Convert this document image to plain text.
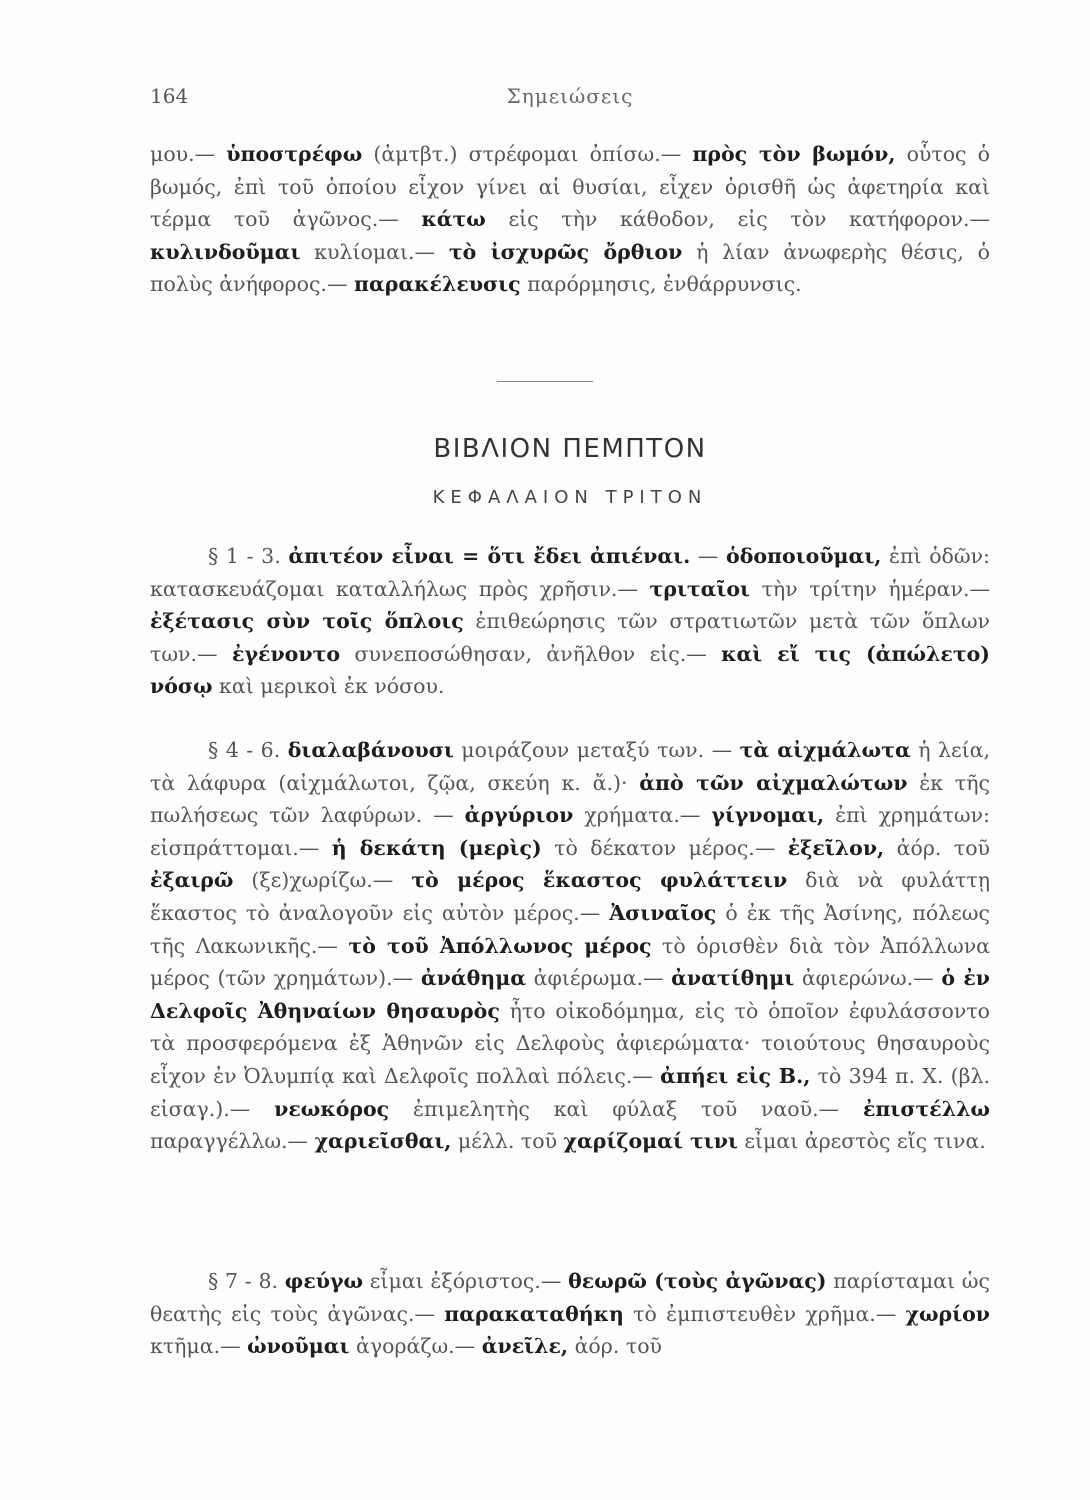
164	Σημειώσεις
μου.— ὑποστρέφω (ἀμτβτ.) στρέφομαι ὀπίσω.— πρὸς τὸν βωμόν, οὗτος ὁ βωμός, ἐπὶ τοῦ ὁποίου εἶχον γίνει αἱ θυσίαι, εἶχεν ὁρισθῆ ὡς ἀφετηρία καὶ τέρμα τοῦ ἀγῶνος.— κάτω εἰς τὴν κάθοδον, εἰς τὸν κατήφορον.— κυλινδοῦμαι κυλίομαι.— τὸ ἰσχυρῶς ὄρθιον ἡ λίαν ἀνωφερὴς θέσις, ὁ πολὺς ἀνήφορος.— παρακέλευσις παρόρμησις, ἐνθάρρυνσις.
ΒΙΒΛΙΟΝ ΠΕΜΠΤΟΝ
ΚΕΦΑΛΑΙΟΝ ΤΡΙΤΟΝ
§ 1 - 3. ἀπιτέον εἶναι = ὅτι ἔδει ἀπιέναι. — ὁδοποιοῦμαι, ἐπὶ ὁδῶν: κατασκευάζομαι καταλλήλως πρὸς χρῆσιν.— τριταῖοι τὴν τρίτην ἡμέραν.— ἐξέτασις σὺν τοῖς ὅπλοις ἐπιθεώρησις τῶν στρατιωτῶν μετὰ τῶν ὅπλων των.— ἐγένοντο συνεποσώθησαν, ἀνῆλθον εἰς.— καὶ εἴ τις (ἀπώλετο) νόσῳ καὶ μερικοὶ ἐκ νόσου.
§ 4 - 6. διαλαβάνουσι μοιράζουν μεταξύ των. — τὰ αἰχμάλωτα ἡ λεία, τὰ λάφυρα (αἰχμάλωτοι, ζῷα, σκεύη κ. ἄ.)· ἀπὸ τῶν αἰχμαλώτων ἐκ τῆς πωλήσεως τῶν λαφύρων. — ἀργύριον χρήματα.— γίγνομαι, ἐπὶ χρημάτων: εἰσπράττομαι.— ἡ δεκάτη (μερὶς) τὸ δέκατον μέρος.— ἐξεῖλον, ἀόρ. τοῦ ἐξαιρῶ (ξε)χωρίζω.— τὸ μέρος ἕκαστος φυλάττειν διὰ νὰ φυλάττῃ ἕκαστος τὸ ἀναλογοῦν εἰς αὐτὸν μέρος.— Ἀσιναῖος ὁ ἐκ τῆς Ἀσίνης, πόλεως τῆς Λακωνικῆς.— τὸ τοῦ Ἀπόλλωνος μέρος τὸ ὁρισθὲν διὰ τὸν Ἀπόλλωνα μέρος (τῶν χρημάτων).— ἀνάθημα ἀφιέρωμα.— ἀνατίθημι ἀφιερώνω.— ὁ ἐν Δελφοῖς Ἀθηναίων θησαυρὸς ἦτο οἰκοδόμημα, εἰς τὸ ὁποῖον ἐφυλάσσοντο τὰ προσφερόμενα ἐξ Ἀθηνῶν εἰς Δελφοὺς ἀφιερώματα· τοιούτους θησαυροὺς εἶχον ἐν Ὀλυμπίᾳ καὶ Δελφοῖς πολλαὶ πόλεις.— ἀπήει εἰς Β., τὸ 394 π. Χ. (βλ. εἰσαγ.).— νεωκόρος ἐπιμελητὴς καὶ φύλαξ τοῦ ναοῦ.— ἐπιστέλλω παραγγέλλω.— χαριεῖσθαι, μέλλ. τοῦ χαρίζομαί τινι εἶμαι ἀρεστὸς εἴς τινα.
§ 7 - 8. φεύγω εἶμαι ἐξόριστος.— θεωρῶ (τοὺς ἀγῶνας) παρίσταμαι ὡς θεατὴς εἰς τοὺς ἀγῶνας.— παρακαταθήκη τὸ ἐμπιστευθὲν χρῆμα.— χωρίον κτῆμα.— ὠνοῦμαι ἀγοράζω.— ἀνεῖλε, ἀόρ. τοῦ
